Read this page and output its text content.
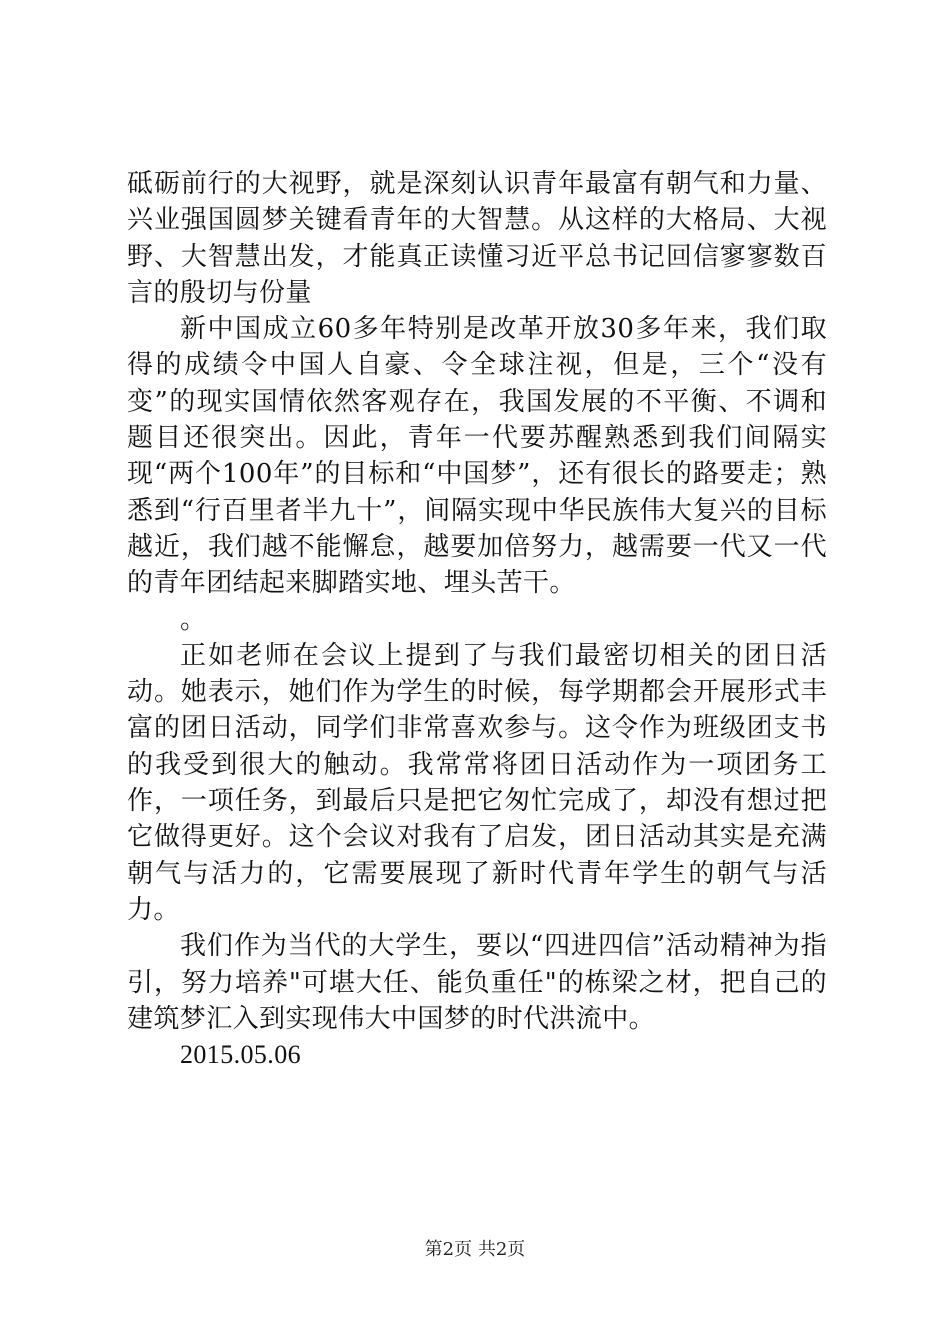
砥砺前行的大视野，就是深刻认识青年最富有朝气和力量、兴业强国圆梦关键看青年的大智慧。从这样的大格局、大视野、大智慧出发，才能真正读懂习近平总书记回信寥寥数百言的殷切与份量

新中国成立60多年特别是改革开放30多年来，我们取得的成绩令中国人自豪、令全球注视，但是，三个“没有变”的现实国情依然客观存在，我国发展的不平衡、不调和题目还很突出。因此，青年一代要苏醒熟悉到我们间隔实现“两个100年”的目标和“中国梦”，还有很长的路要走；熟悉到“行百里者半九十”，间隔实现中华民族伟大复兴的目标越近，我们越不能懈怠，越要加倍努力，越需要一代又一代的青年团结起来脚踏实地、埋头苦干。

。

正如老师在会议上提到了与我们最密切相关的团日活动。她表示，她们作为学生的时候，每学期都会开展形式丰富的团日活动，同学们非常喜欢参与。这令作为班级团支书的我受到很大的触动。我常常将团日活动作为一项团务工作，一项任务，到最后只是把它匆忙完成了，却没有想过把它做得更好。这个会议对我有了启发，团日活动其实是充满朝气与活力的，它需要展现了新时代青年学生的朝气与活力。

我们作为当代的大学生，要以“四进四信”活动精神为指引，努力培养"可堪大任、能负重任"的栋梁之材，把自己的建筑梦汇入到实现伟大中国梦的时代洪流中。

2015.05.06

第2页 共2页
